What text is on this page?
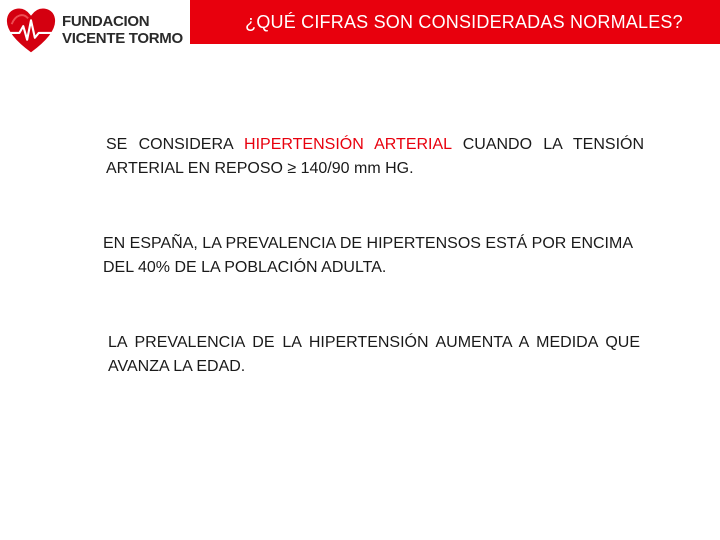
FUNDACION
VICENTE TORMO
¿QUÉ CIFRAS SON CONSIDERADAS NORMALES?
SE CONSIDERA HIPERTENSIÓN ARTERIAL CUANDO LA TENSIÓN ARTERIAL EN REPOSO ≥ 140/90 mm HG.
EN ESPAÑA, LA PREVALENCIA DE HIPERTENSOS ESTÁ POR ENCIMA DEL 40% DE LA POBLACIÓN ADULTA.
LA PREVALENCIA DE LA HIPERTENSIÓN AUMENTA A MEDIDA QUE AVANZA LA EDAD.
